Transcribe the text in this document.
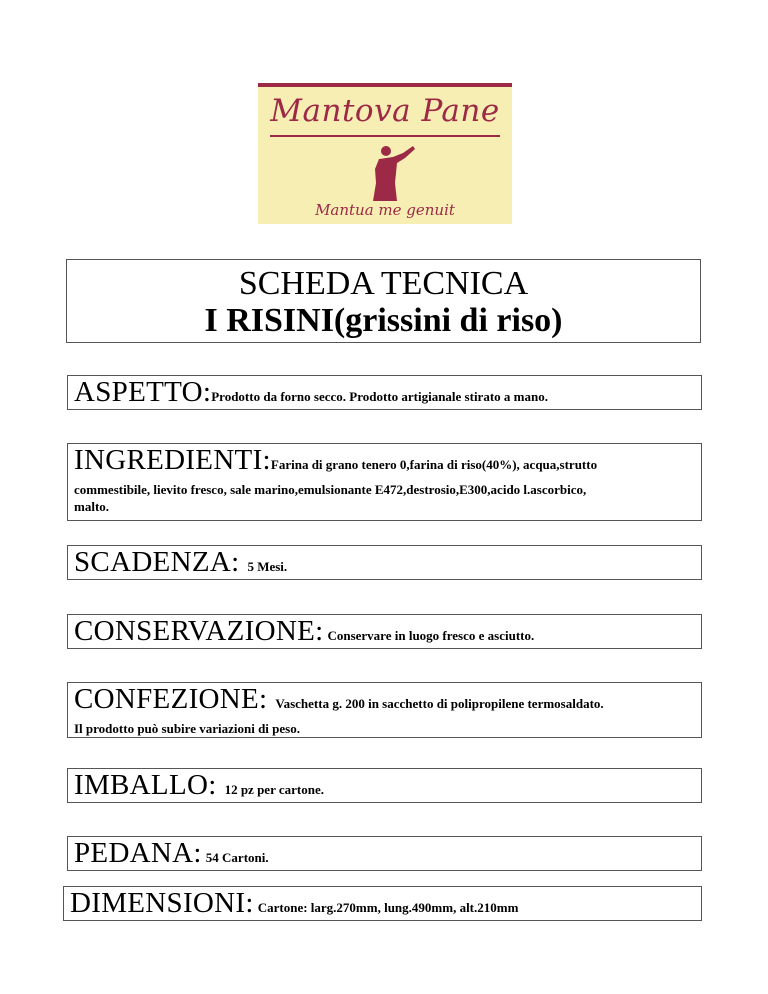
Mantova Pane
Mantua me genuit
SCHEDA TECNICA
I RISINI(grissini di riso)
ASPETTO:Prodotto da forno secco. Prodotto artigianale stirato a mano.
INGREDIENTI:Farina di grano tenero 0,farina di riso(40%), acqua,strutto
commestibile, lievito fresco, sale marino,emulsionante E472,destrosio,E300,acido l.ascorbico,
malto.
SCADENZA: 5 Mesi.
CONSERVAZIONE: Conservare in luogo fresco e asciutto.
CONFEZIONE: Vaschetta g. 200 in sacchetto di polipropilene termosaldato.
Il prodotto può subire variazioni di peso.
IMBALLO: 12 pz per cartone.
PEDANA: 54 Cartoni.
DIMENSIONI: Cartone: larg.270mm, lung.490mm, alt.210mm
